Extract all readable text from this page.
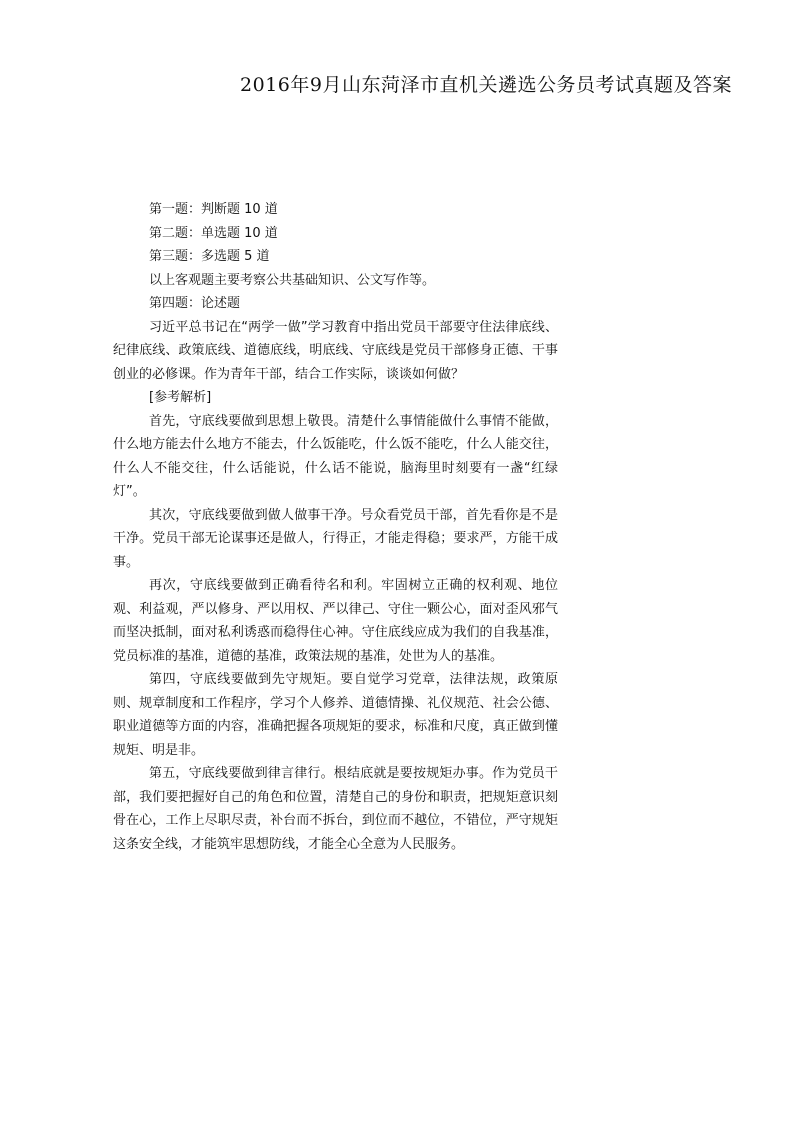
2016年9月山东菏泽市直机关遴选公务员考试真题及答案

第一题：判断题 10 道

第二题：单选题 10 道

第三题：多选题 5 道

以上客观题主要考察公共基础知识、公文写作等。

第四题：论述题

习近平总书记在“两学一做”学习教育中指出党员干部要守住法律底线、纪律底线、政策底线、道德底线，明底线、守底线是党员干部修身正德、干事创业的必修课。作为青年干部，结合工作实际，谈谈如何做？

[参考解析]

首先，守底线要做到思想上敬畏。清楚什么事情能做什么事情不能做，什么地方能去什么地方不能去，什么饭能吃，什么饭不能吃，什么人能交往，什么人不能交往，什么话能说，什么话不能说，脑海里时刻要有一盏“红绿灯”。

其次，守底线要做到做人做事干净。号众看党员干部，首先看你是不是干净。党员干部无论谋事还是做人，行得正，才能走得稳；要求严，方能干成事。

再次，守底线要做到正确看待名和利。牢固树立正确的权利观、地位观、利益观，严以修身、严以用权、严以律己、守住一颗公心，面对歪风邪气而坚决抵制，面对私利诱惑而稳得住心神。守住底线应成为我们的自我基准，党员标准的基准，道德的基准，政策法规的基准，处世为人的基准。

第四，守底线要做到先守规矩。要自觉学习党章，法律法规，政策原则、规章制度和工作程序，学习个人修养、道德情操、礼仪规范、社会公德、职业道德等方面的内容，准确把握各项规矩的要求，标准和尺度，真正做到懂规矩、明是非。

第五，守底线要做到律言律行。根结底就是要按规矩办事。作为党员干部，我们要把握好自己的角色和位置，清楚自己的身份和职责，把规矩意识刻骨在心，工作上尽职尽责，补台而不拆台，到位而不越位，不错位，严守规矩这条安全线，才能筑牢思想防线，才能全心全意为人民服务。
